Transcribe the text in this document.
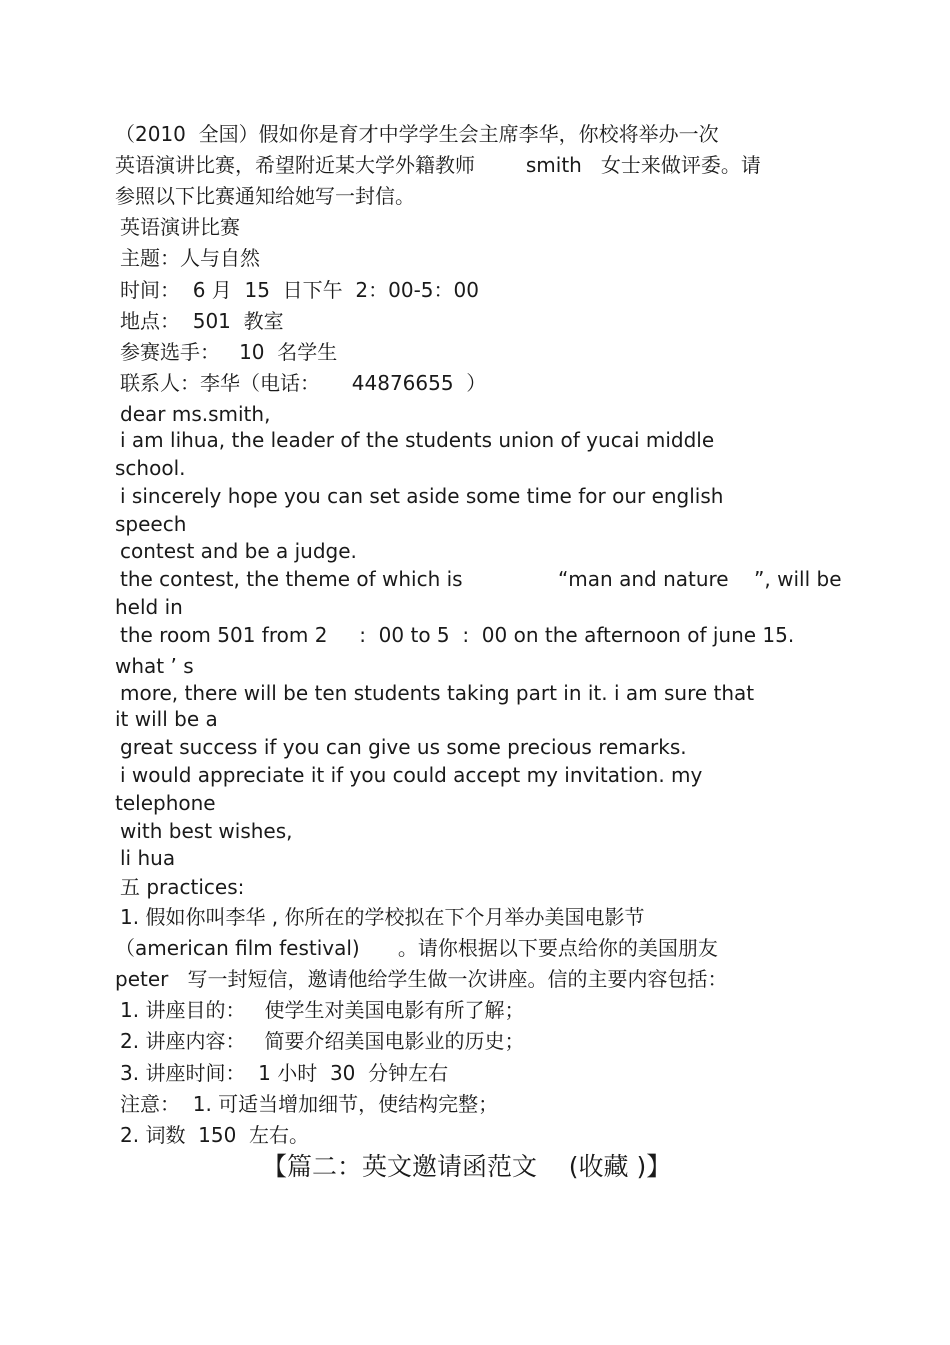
（2010  全国）假如你是育才中学学生会主席李华，你校将举办一次

英语演讲比赛，希望附近某大学外籍教师        smith   女士来做评委。请

参照以下比赛通知给她写一封信。

英语演讲比赛

主题：人与自然

时间：  6 月  15  日下午  2：00-5：00

地点：  501  教室

参赛选手：   10  名学生

联系人：李华（电话：     44876655  ）

dear ms.smith,

i am lihua, the leader of the students union of yucai middle

school.

i sincerely hope you can set aside some time for our english

speech

contest and be a judge.

the contest, the theme of which is               “man and nature    ”, will be

held in

the room 501 from 2     :  00 to 5  :  00 on the afternoon of june 15.

what ’ s

more, there will be ten students taking part in it. i am sure that

it will be a

great success if you can give us some precious remarks.

i would appreciate it if you could accept my invitation. my

telephone

with best wishes,

li hua

五 practices:

1. 假如你叫李华 , 你所在的学校拟在下个月举办美国电影节

（american film festival)      。请你根据以下要点给你的美国朋友

peter   写一封短信，邀请他给学生做一次讲座。信的主要内容包括：

1. 讲座目的：   使学生对美国电影有所了解；

2. 讲座内容：   简要介绍美国电影业的历史；

3. 讲座时间：  1 小时  30  分钟左右

注意：  1. 可适当增加细节，使结构完整；

2. 词数  150  左右。

【篇二：英文邀请函范文    (收藏 )】
